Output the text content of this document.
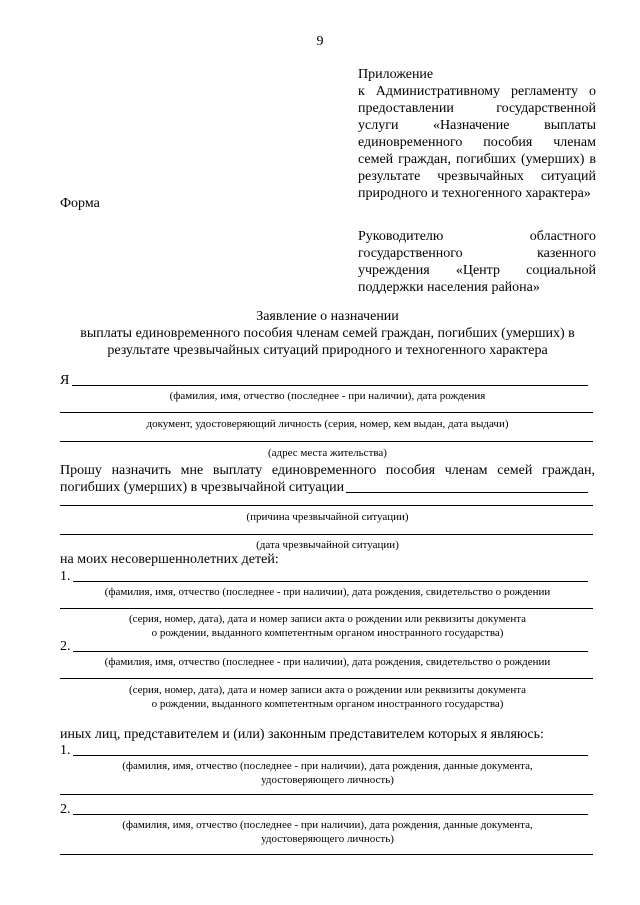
9
Приложение
к Административному регламенту о
предоставлении государственной
услуги «Назначение выплаты
единовременного пособия членам
семей граждан, погибших (умерших) в
результате чрезвычайных ситуаций
природного и техногенного характера»
Форма
Руководителю областного
государственного казенного
учреждения «Центр социальной
поддержки населения района»
Заявление о назначении
выплаты единовременного пособия членам семей граждан, погибших (умерших) в
результате чрезвычайных ситуаций природного и техногенного характера
Я
(фамилия, имя, отчество (последнее - при наличии), дата рождения
документ, удостоверяющий личность (серия, номер, кем выдан, дата выдачи)
(адрес места жительства)
Прошу назначить мне выплату единовременного пособия членам семей граждан,
погибших (умерших) в чрезвычайной ситуации
(причина чрезвычайной ситуации)
(дата чрезвычайной ситуации)
на моих несовершеннолетних детей:
1.
(фамилия, имя, отчество (последнее - при наличии), дата рождения, свидетельство о рождении
(серия, номер, дата), дата и номер записи акта о рождении или реквизиты документа
о рождении, выданного компетентным органом иностранного государства)
2.
(фамилия, имя, отчество (последнее - при наличии), дата рождения, свидетельство о рождении
(серия, номер, дата), дата и номер записи акта о рождении или реквизиты документа
о рождении, выданного компетентным органом иностранного государства)
иных лиц, представителем и (или) законным представителем которых я являюсь:
1.
(фамилия, имя, отчество (последнее - при наличии), дата рождения, данные документа,
удостоверяющего личность)
2.
(фамилия, имя, отчество (последнее - при наличии), дата рождения, данные документа,
удостоверяющего личность)
